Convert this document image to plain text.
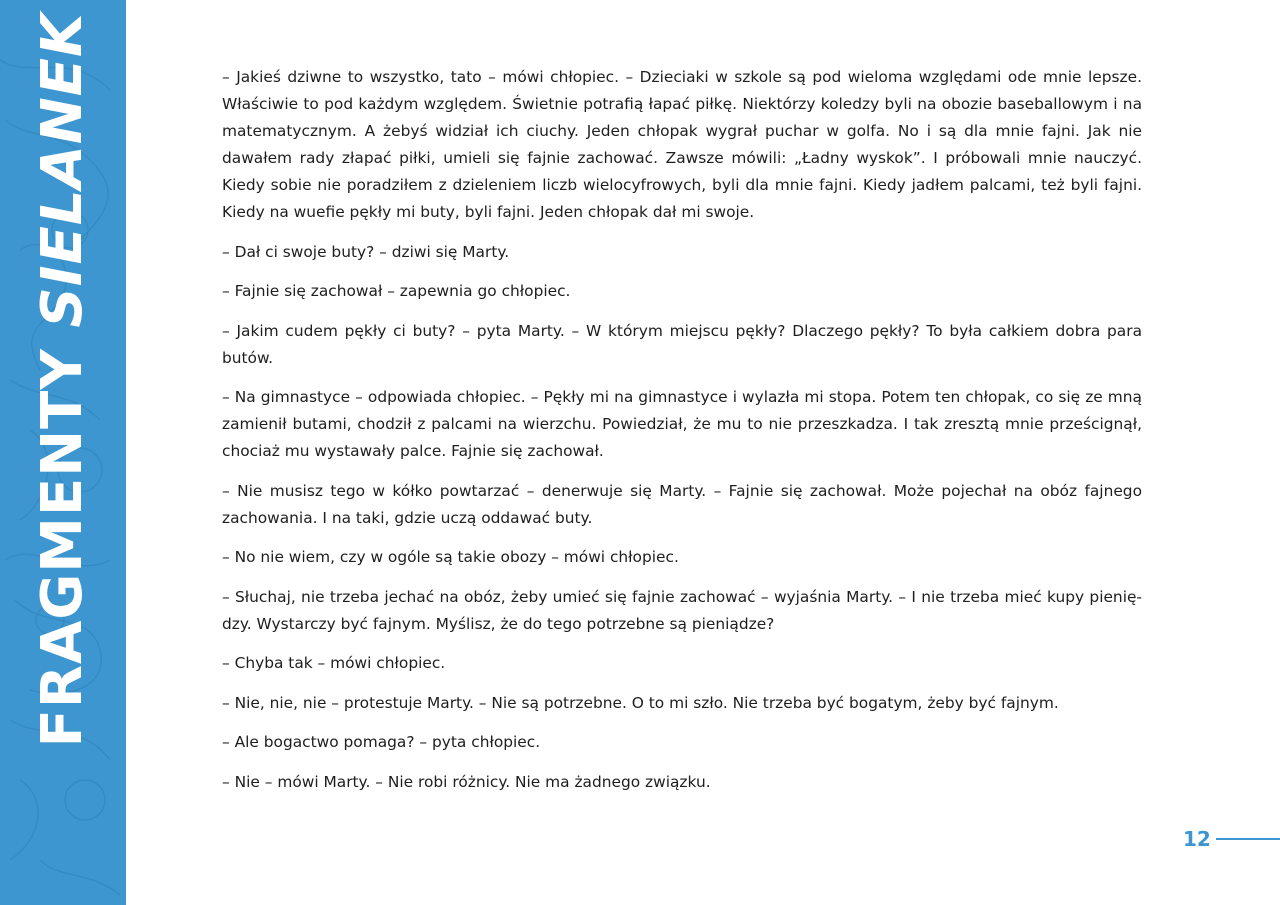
FRAGMENTY SIELANEK	– Jakieś dziwne to wszystko, tato – mówi chłopiec. – Dzieciaki w szkole są pod wieloma względami ode mnie lepsze. Właściwie to pod każdym względem. Świetnie potrafią łapać piłkę. Niektórzy koledzy byli na obozie baseballowym i na matematycznym. A żebyś widział ich ciuchy. Jeden chłopak wygrał puchar w golfa. No i są dla mnie fajni. Jak nie dawałem rady złapać piłki, umieli się fajnie zachować. Zawsze mówili: „Ładny wyskok”. I próbowali mnie nauczyć. Kiedy sobie nie poradziłem z dzieleniem liczb wielocyfrowych, byli dla mnie fajni. Kiedy jadłem palcami, też byli fajni. Kiedy na wuefie pękły mi buty, byli fajni. Jeden chłopak dał mi swoje.

– Dał ci swoje buty? – dziwi się Marty.

– Fajnie się zachował – zapewnia go chłopiec.

– Jakim cudem pękły ci buty? – pyta Marty. – W którym miejscu pękły? Dlaczego pękły? To była całkiem dobra para butów.

– Na gimnastyce – odpowiada chłopiec. – Pękły mi na gimnastyce i wylazła mi stopa. Potem ten chłopak, co się ze mną zamienił butami, chodził z palcami na wierzchu. Powiedział, że mu to nie przeszkadza. I tak zresztą mnie prześcignął, chociaż mu wystawały palce. Fajnie się zachował.

– Nie musisz tego w kółko powtarzać – denerwuje się Marty. – Fajnie się zachował. Może pojechał na obóz fajnego zachowania. I na taki, gdzie uczą oddawać buty.

– No nie wiem, czy w ogóle są takie obozy – mówi chłopiec.

– Słuchaj, nie trzeba jechać na obóz, żeby umieć się fajnie zachować – wyjaśnia Marty. – I nie trzeba mieć kupy pienię-dzy. Wystarczy być fajnym. Myślisz, że do tego potrzebne są pieniądze?

– Chyba tak – mówi chłopiec.

– Nie, nie, nie – protestuje Marty. – Nie są potrzebne. O to mi szło. Nie trzeba być bogatym, żeby być fajnym.

– Ale bogactwo pomaga? – pyta chłopiec.

– Nie – mówi Marty. – Nie robi różnicy. Nie ma żadnego związku.

12
